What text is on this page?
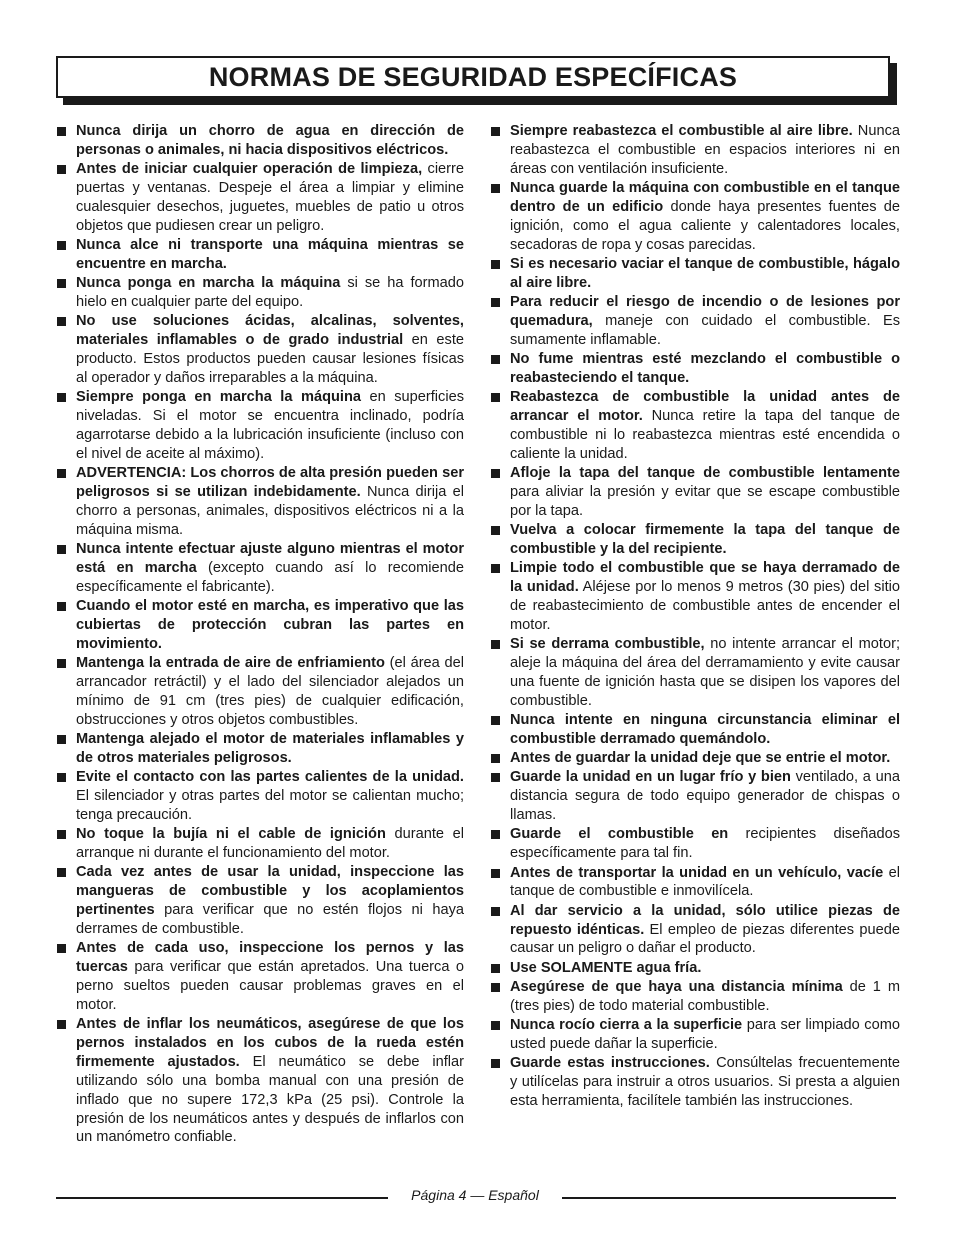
NORMAS DE SEGURIDAD ESPECÍFICAS
Nunca dirija un chorro de agua en dirección de personas o animales, ni hacia dispositivos eléctricos.
Antes de iniciar cualquier operación de limpieza, cierre puertas y ventanas. Despeje el área a limpiar y elimine cualesquier desechos, juguetes, muebles de patio u otros objetos que pudiesen crear un peligro.
Nunca alce ni transporte una máquina mientras se encuentre en marcha.
Nunca ponga en marcha la máquina si se ha formado hielo en cualquier parte del equipo.
No use soluciones ácidas, alcalinas, solventes, materiales inflamables o de grado industrial en este producto. Estos productos pueden causar lesiones físicas al operador y daños irreparables a la máquina.
Siempre ponga en marcha la máquina en superficies niveladas. Si el motor se encuentra inclinado, podría agarrotarse debido a la lubricación insuficiente (incluso con el nivel de aceite al máximo).
ADVERTENCIA: Los chorros de alta presión pueden ser peligrosos si se utilizan indebidamente. Nunca dirija el chorro a personas, animales, dispositivos eléctricos ni a la máquina misma.
Nunca intente efectuar ajuste alguno mientras el motor está en marcha (excepto cuando así lo recomiende específicamente el fabricante).
Cuando el motor esté en marcha, es imperativo que las cubiertas de protección cubran las partes en movimiento.
Mantenga la entrada de aire de enfriamiento (el área del arrancador retráctil) y el lado del silenciador alejados un mínimo de 91 cm (tres pies) de cualquier edificación, obstrucciones y otros objetos combustibles.
Mantenga alejado el motor de materiales inflamables y de otros materiales peligrosos.
Evite el contacto con las partes calientes de la unidad. El silenciador y otras partes del motor se calientan mucho; tenga precaución.
No toque la bujía ni el cable de ignición durante el arranque ni durante el funcionamiento del motor.
Cada vez antes de usar la unidad, inspeccione las mangueras de combustible y los acoplamientos pertinentes para verificar que no estén flojos ni haya derrames de combustible.
Antes de cada uso, inspeccione los pernos y las tuercas para verificar que están apretados. Una tuerca o perno sueltos pueden causar problemas graves en el motor.
Antes de inflar los neumáticos, asegúrese de que los pernos instalados en los cubos de la rueda estén firmemente ajustados. El neumático se debe inflar utilizando sólo una bomba manual con una presión de inflado que no supere 172,3 kPa (25 psi). Controle la presión de los neumáticos antes y después de inflarlos con un manómetro confiable.
Siempre reabastezca el combustible al aire libre. Nunca reabastezca el combustible en espacios interiores ni en áreas con ventilación insuficiente.
Nunca guarde la máquina con combustible en el tanque dentro de un edificio donde haya presentes fuentes de ignición, como el agua caliente y calentadores locales, secadoras de ropa y cosas parecidas.
Si es necesario vaciar el tanque de combustible, hágalo al aire libre.
Para reducir el riesgo de incendio o de lesiones por quemadura, maneje con cuidado el combustible. Es sumamente inflamable.
No fume mientras esté mezclando el combustible o reabasteciendo el tanque.
Reabastezca de combustible la unidad antes de arrancar el motor. Nunca retire la tapa del tanque de combustible ni lo reabastezca mientras esté encendida o caliente la unidad.
Afloje la tapa del tanque de combustible lentamente para aliviar la presión y evitar que se escape combustible por la tapa.
Vuelva a colocar firmemente la tapa del tanque de combustible y la del recipiente.
Limpie todo el combustible que se haya derramado de la unidad. Aléjese por lo menos 9 metros (30 pies) del sitio de reabastecimiento de combustible antes de encender el motor.
Si se derrama combustible, no intente arrancar el motor; aleje la máquina del área del derramamiento y evite causar una fuente de ignición hasta que se disipen los vapores del combustible.
Nunca intente en ninguna circunstancia eliminar el combustible derramado quemándolo.
Antes de guardar la unidad deje que se entrie el motor.
Guarde la unidad en un lugar frío y bien ventilado, a una distancia segura de todo equipo generador de chispas o llamas.
Guarde el combustible en recipientes diseñados específicamente para tal fin.
Antes de transportar la unidad en un vehículo, vacíe el tanque de combustible e inmovilícela.
Al dar servicio a la unidad, sólo utilice piezas de repuesto idénticas. El empleo de piezas diferentes puede causar un peligro o dañar el producto.
Use SOLAMENTE agua fría.
Asegúrese de que haya una distancia mínima de 1 m (tres pies) de todo material combustible.
Nunca rocío cierra a la superficie para ser limpiado como usted puede dañar la superficie.
Guarde estas instrucciones. Consúltelas frecuentemente y utilícelas para instruir a otros usuarios. Si presta a alguien esta herramienta, facilítele también las instrucciones.
Página 4 — Español
